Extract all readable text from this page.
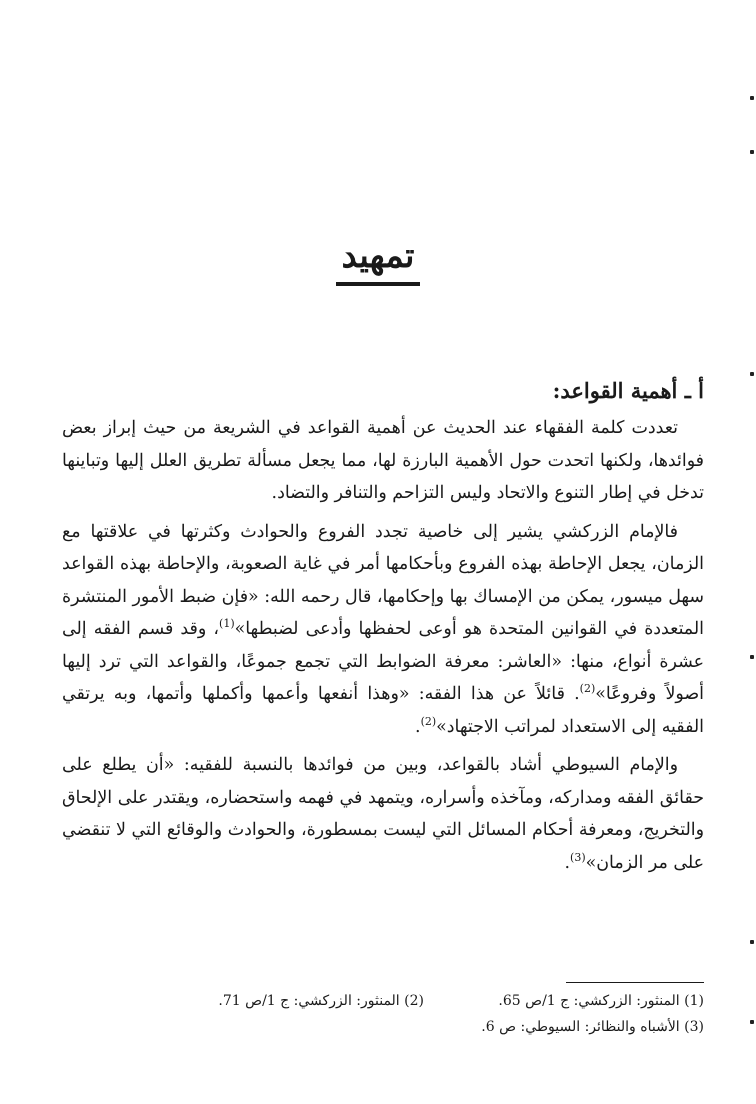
تمهيد
أ ـ أهمية القواعد:

تعددت كلمة الفقهاء عند الحديث عن أهمية القواعد في الشريعة من حيث إبراز بعض فوائدها، ولكنها اتحدت حول الأهمية البارزة لها، مما يجعل مسألة تطريق العلل إليها وتباينها تدخل في إطار التنوع والاتحاد وليس التزاحم والتنافر والتضاد.

فالإمام الزركشي يشير إلى خاصية تجدد الفروع والحوادث وكثرتها في علاقتها مع الزمان، يجعل الإحاطة بهذه الفروع وبأحكامها أمر في غاية الصعوبة، والإحاطة بهذه القواعد سهل ميسور، يمكن من الإمساك بها وإحكامها، قال رحمه الله: «فإن ضبط الأمور المنتشرة المتعددة في القوانين المتحدة هو أوعى لحفظها وأدعى لضبطها»$^{(1)}$، وقد قسم الفقه إلى عشرة أنواع، منها: «العاشر: معرفة الضوابط التي تجمع جموعًا، والقواعد التي ترد إليها أصولاً وفروعًا»$^{(2)}$. قائلاً عن هذا الفقه: «وهذا أنفعها وأعمها وأكملها وأتمها، وبه يرتقي الفقيه إلى الاستعداد لمراتب الاجتهاد»$^{(2)}$.

والإمام السيوطي أشاد بالقواعد، وبين من فوائدها بالنسبة للفقيه: «أن يطلع على حقائق الفقه ومداركه، ومآخذه وأسراره، ويتمهد في فهمه واستحضاره، ويقتدر على الإلحاق والتخريج، ومعرفة أحكام المسائل التي ليست بمسطورة، والحوادث والوقائع التي لا تنقضي على مر الزمان»$^{(3)}$.

(1) المنثور: الزركشي: ج 1/ص 65.
(2) المنثور: الزركشي: ج 1/ص 71.
(3) الأشباه والنظائر: السيوطي: ص 6.
